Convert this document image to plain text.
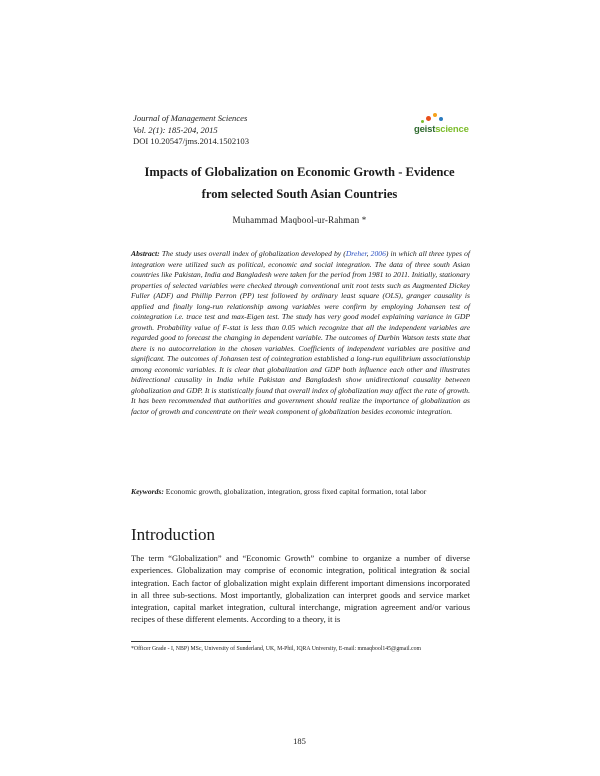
Journal of Management Sciences
Vol. 2(1): 185-204, 2015
DOI 10.20547/jms.2014.1502103
geistscience
Impacts of Globalization on Economic Growth - Evidence
from selected South Asian Countries
Muhammad Maqbool-ur-Rahman *

Abstract: The study uses overall index of globalization developed by (Dreher, 2006) in which all three types of integration were utilized such as political, economic and social integration. The data of three south Asian countries like Pakistan, India and Bangladesh were taken for the period from 1981 to 2011. Initially, stationary properties of selected variables were checked through conventional unit root tests such as Augmented Dickey Fuller (ADF) and Phillip Perron (PP) test followed by ordinary least square (OLS), granger causality is applied and finally long-run relationship among variables were confirm by employing Johansen test of cointegration i.e. trace test and max-Eigen test. The study has very good model explaining variance in GDP growth. Probability value of F-stat is less than 0.05 which recognize that all the independent variables are regarded good to forecast the changing in dependent variable. The outcomes of Durbin Watson tests state that there is no autocorrelation in the chosen variables. Coefficients of independent variables are positive and significant. The outcomes of Johansen test of cointegration established a long-run equilibrium associationship among economic variables. It is clear that globalization and GDP both influence each other and illustrates bidirectional causality in India while Pakistan and Bangladesh show unidirectional causality between globalization and GDP. It is statistically found that overall index of globalization may affect the rate of growth. It has been recommended that authorities and government should realize the importance of globalization as factor of growth and concentrate on their weak component of globalization besides economic integration.

Keywords: Economic growth, globalization, integration, gross fixed capital formation, total labor

Introduction

The term “Globalization” and “Economic Growth” combine to organize a number of diverse experiences. Globalization may comprise of economic integration, political integration & social integration. Each factor of globalization might explain different important dimensions incorporated in all three sub-sections. Most importantly, globalization can interpret goods and service market integration, capital market integration, cultural interchange, migration agreement and/or various recipes of these different elements. According to a theory, it is

*Officer Grade - I, NBP) MSc, University of Sunderland, UK, M-Phil, IQRA University, E-mail: mmaqbool145@gmail.com

185
